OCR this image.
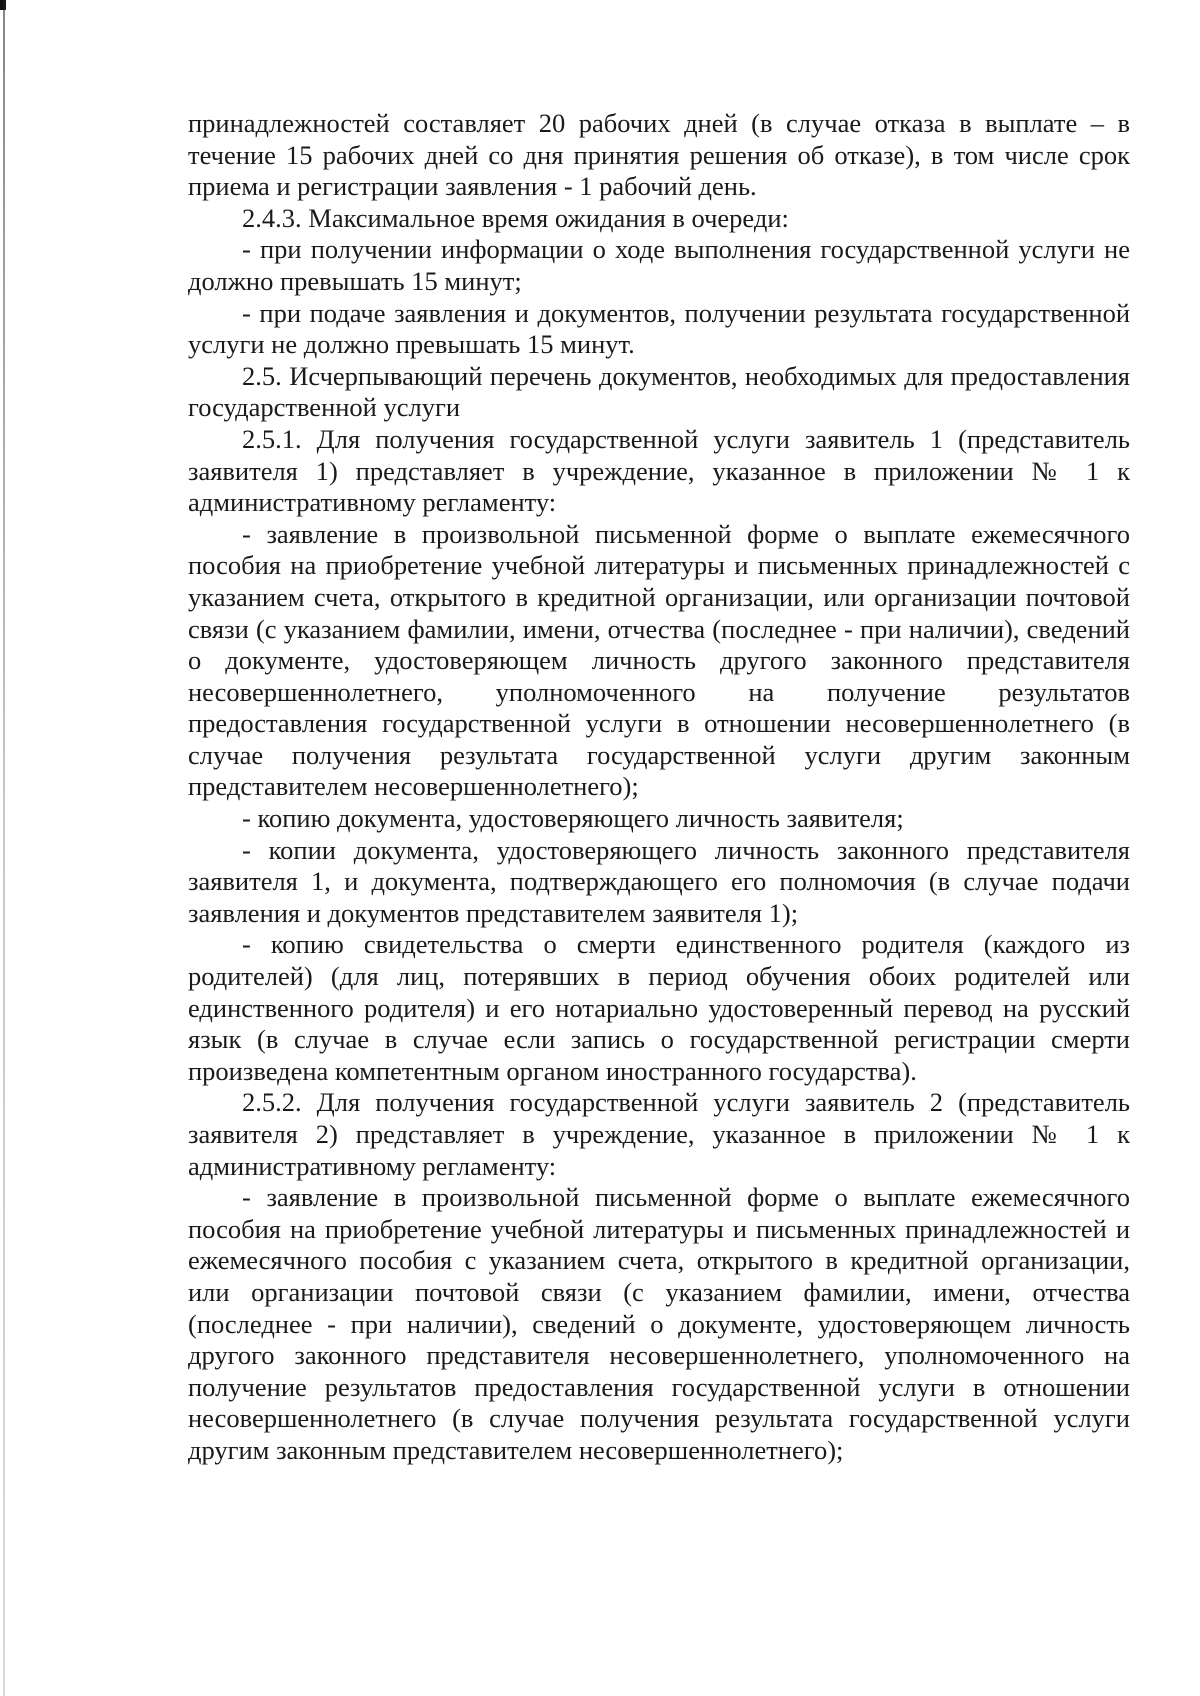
принадлежностей составляет 20 рабочих дней (в случае отказа в выплате – в течение 15 рабочих дней со дня принятия решения об отказе), в том числе срок приема и регистрации заявления - 1 рабочий день.

2.4.3. Максимальное время ожидания в очереди:

- при получении информации о ходе выполнения государственной услуги не должно превышать 15 минут;

- при подаче заявления и документов, получении результата государственной услуги не должно превышать 15 минут.

2.5. Исчерпывающий перечень документов, необходимых для предоставления государственной услуги

2.5.1. Для получения государственной услуги заявитель 1 (представитель заявителя 1) представляет в учреждение, указанное в приложении № 1 к административному регламенту:

- заявление в произвольной письменной форме о выплате ежемесячного пособия на приобретение учебной литературы и письменных принадлежностей с указанием счета, открытого в кредитной организации, или организации почтовой связи (с указанием фамилии, имени, отчества (последнее - при наличии), сведений о документе, удостоверяющем личность другого законного представителя несовершеннолетнего, уполномоченного на получение результатов предоставления государственной услуги в отношении несовершеннолетнего (в случае получения результата государственной услуги другим законным представителем несовершеннолетнего);

- копию документа, удостоверяющего личность заявителя;

- копии документа, удостоверяющего личность законного представителя заявителя 1, и документа, подтверждающего его полномочия (в случае подачи заявления и документов представителем заявителя 1);

- копию свидетельства о смерти единственного родителя (каждого из родителей) (для лиц, потерявших в период обучения обоих родителей или единственного родителя) и его нотариально удостоверенный перевод на русский язык (в случае в случае если запись о государственной регистрации смерти произведена компетентным органом иностранного государства).

2.5.2. Для получения государственной услуги заявитель 2 (представитель заявителя 2) представляет в учреждение, указанное в приложении № 1 к административному регламенту:

- заявление в произвольной письменной форме о выплате ежемесячного пособия на приобретение учебной литературы и письменных принадлежностей и ежемесячного пособия с указанием счета, открытого в кредитной организации, или организации почтовой связи (с указанием фамилии, имени, отчества (последнее - при наличии), сведений о документе, удостоверяющем личность другого законного представителя несовершеннолетнего, уполномоченного на получение результатов предоставления государственной услуги в отношении несовершеннолетнего (в случае получения результата государственной услуги другим законным представителем несовершеннолетнего);
